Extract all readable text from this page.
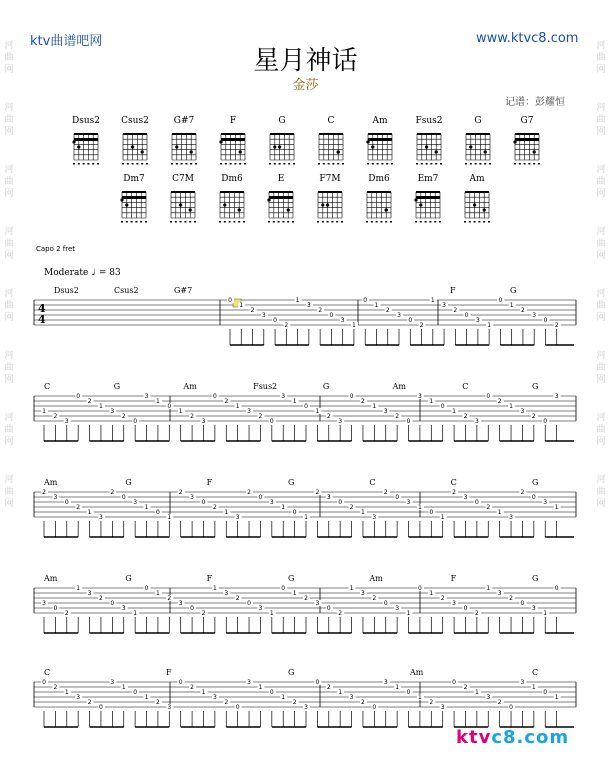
ktv曲谱吧网	www.ktvc8.com
星月神话
金莎
记谱：彭耀恒
河
曲
网
河
曲
网
河
曲
网
河
曲
网
河
曲
网
河
曲
网
河
曲
网
河
曲
网
河
曲
网
河
曲
网
河
曲
网
河
曲
网
河
曲
网
河
曲
网
河
曲
网
河
曲
网
Dsus2	Csus2	G#7	F	G	C	Am	Fsus2	G	G7
Dm7	C7M	Dm6	E	F7M	Dm6	Em7	Am
Capo 2 fret
Moderate ♩ = 83
4
4
0
1
2
3
0
2
1
3
2
0
3
1
0
1
2
3
0
2
1
3
2
0
3
1
0
1
2
3
0
2
Dsus2	Csus2	G#7	F	G
1
2
3
0
2
1
3
2
0
3
1
0
1
2
3
0
2
1
3
2
0
3
1
0
1
2
3
0
2
1
3
2
0
3
1
0
1
2
3
0
2
1
3
2
0
3
C	G	Am	Fsus2	G	Am	C	G
2
3
0
2
1
3
2
0
3
1
0
1
2
3
0
2
1
3
2
0
3
1
0
1
2
3
0
2
1
3
2
0
3
1
0
1
2
3
0
2
1
3
2
0
3
1
Am	G	F	G	C	C	G
3
0
2
1
3
2
0
3
1
0
1
2
3
0
2
1
3
2
0
3
1
0
1
2
3
0
2
1
3
2
0
3
1
0
1
2
3
0
2
1
3
2
0
3
1
0
Am	G	F	G	Am	F	G
0
2
1
3
2
0
3
1
0
1
2
3
0
2
1
3
2
0
3
1
0
1
2
3
0
2
1
3
2
0
3
1
0
1
2
3
0
2
1
3
2
0
3
1
0
1
C	F	G	Am	C
ktvc8.com
